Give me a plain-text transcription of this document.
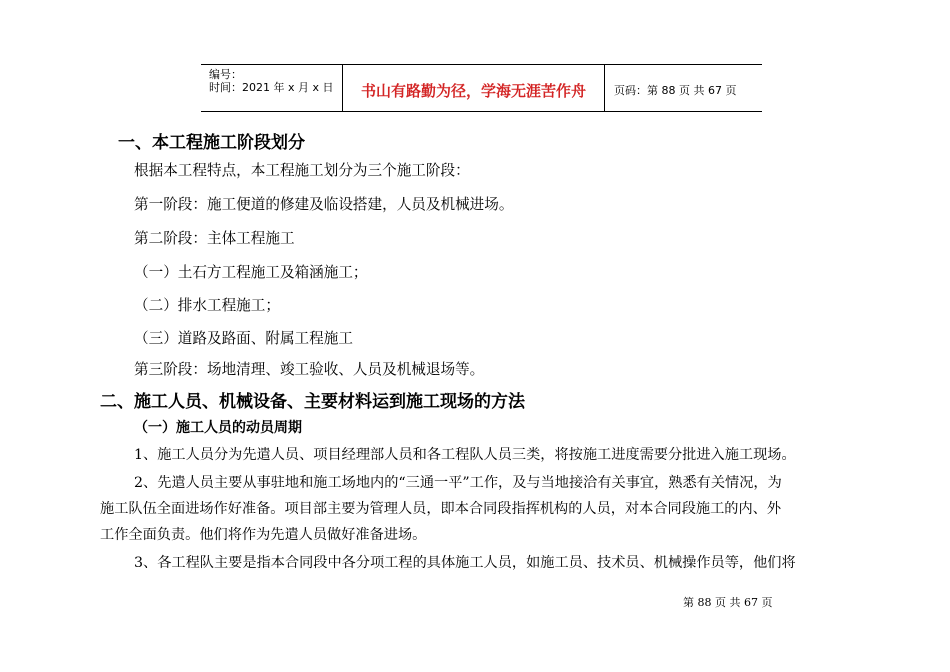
编号：
时间：2021 年 x 月 x 日	书山有路勤为径，学海无涯苦作舟	页码：第 88 页 共 67 页
一、本工程施工阶段划分
根据本工程特点，本工程施工划分为三个施工阶段：
第一阶段：施工便道的修建及临设搭建，人员及机械进场。
第二阶段：主体工程施工
（一）土石方工程施工及箱涵施工；
（二）排水工程施工；
（三）道路及路面、附属工程施工
第三阶段：场地清理、竣工验收、人员及机械退场等。
二、施工人员、机械设备、主要材料运到施工现场的方法
（一）施工人员的动员周期
1、施工人员分为先遣人员、项目经理部人员和各工程队人员三类，将按施工进度需要分批进入施工现场。
2、先遣人员主要从事驻地和施工场地内的“三通一平”工作，及与当地接洽有关事宜，熟悉有关情况，为
施工队伍全面进场作好准备。项目部主要为管理人员，即本合同段指挥机构的人员，对本合同段施工的内、外
工作全面负责。他们将作为先遣人员做好准备进场。
3、各工程队主要是指本合同段中各分项工程的具体施工人员，如施工员、技术员、机械操作员等，他们将
第 88 页 共 67 页
